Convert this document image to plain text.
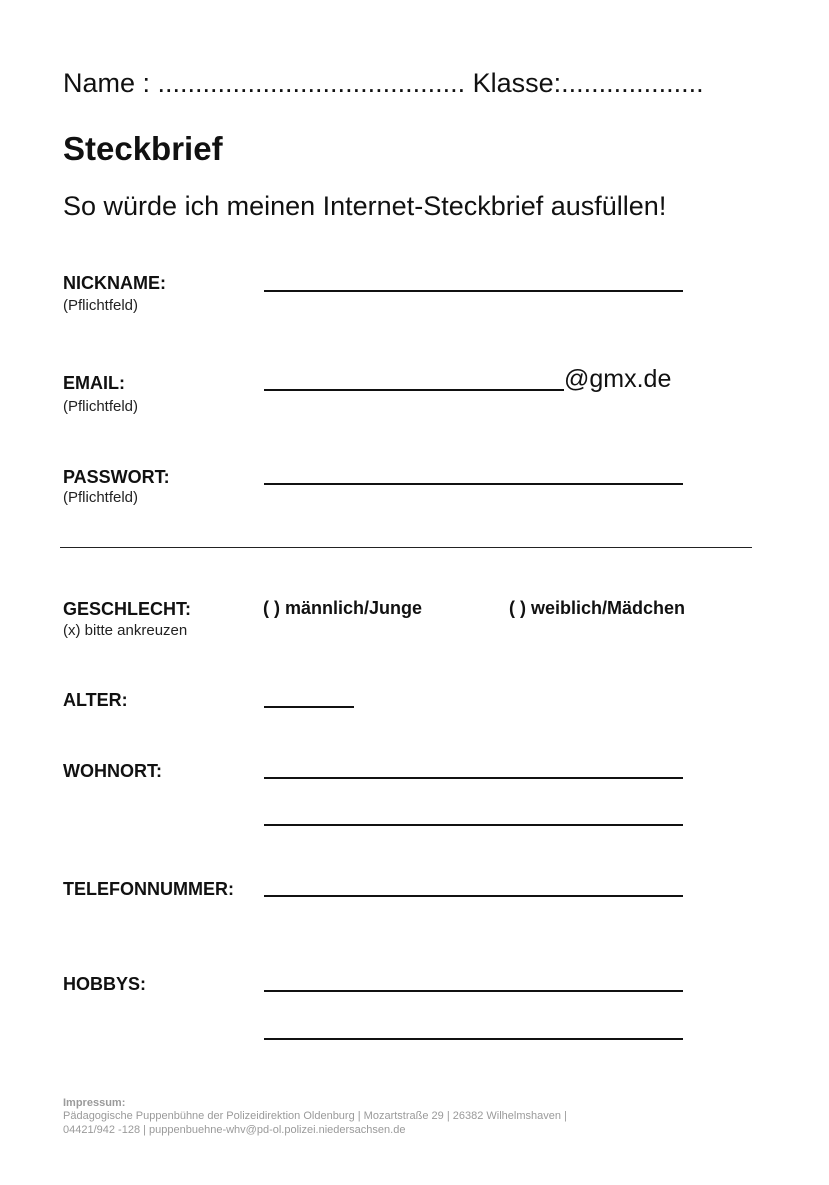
Name : ......................................... Klasse:...................
Steckbrief
So würde ich meinen Internet-Steckbrief ausfüllen!
NICKNAME:
(Pflichtfeld)
EMAIL:
(Pflichtfeld)
@gmx.de
PASSWORT:
(Pflichtfeld)
GESCHLECHT:
(x) bitte ankreuzen
( ) männlich/Junge	( ) weiblich/Mädchen
ALTER:
WOHNORT:
TELEFONNUMMER:
HOBBYS:
Impressum:
Pädagogische Puppenbühne der Polizeidirektion Oldenburg | Mozartstraße 29 | 26382 Wilhelmshaven |
04421/942 -128 | puppenbuehne-whv@pd-ol.polizei.niedersachsen.de
